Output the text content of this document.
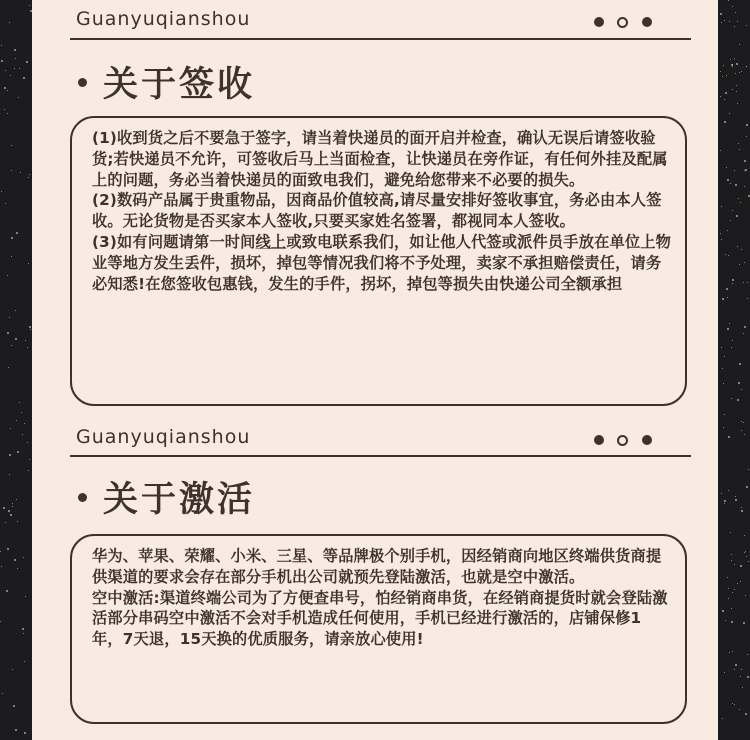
Guanyuqianshou
关于签收

(1)收到货之后不要急于签字，请当着快递员的面开启并检查，确认无误后请签收验货;若快递员不允许，可签收后马上当面检查，让快递员在旁作证，有任何外挂及配属上的问题，务必当着快递员的面致电我们，避免给您带来不必要的损失。

(2)数码产品属于贵重物品，因商品价值较高,请尽量安排好签收事宜，务必由本人签收。无论货物是否买家本人签收,只要买家姓名签署，都视同本人签收。

(3)如有问题请第一时间线上或致电联系我们，如让他人代签或派件员手放在单位上物业等地方发生丢件，损坏，掉包等情况我们将不予处理，卖家不承担赔偿责任，请务必知悉!在您签收包惠钱，发生的手件，拐坏，掉包等损失由快递公司全额承担

Guanyuqianshou
关于激活

华为、苹果、荣耀、小米、三星、等品牌极个别手机，因经销商向地区终端供货商提供渠道的要求会存在部分手机出公司就预先登陆激活，也就是空中激活。

空中激活:渠道终端公司为了方便查串号，怕经销商串货，在经销商提货时就会登陆激活部分串码空中激活不会对手机造成任何使用，手机已经进行激活的，店铺保修1年，7天退，15天换的优质服务，请亲放心使用!
